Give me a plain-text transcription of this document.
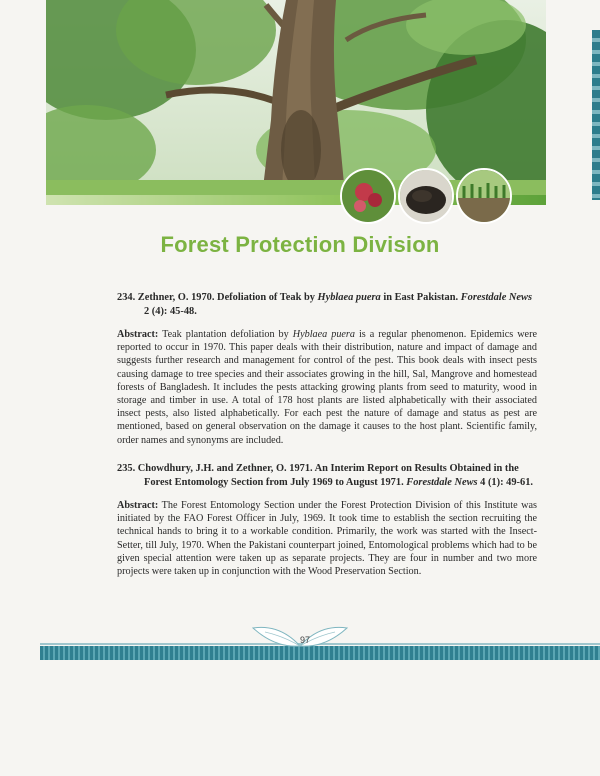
Forest Protection Division

234. Zethner, O. 1970. Defoliation of Teak by Hyblaea puera in East Pakistan. Forestdale News 2 (4): 45-48.

Abstract: Teak plantation defoliation by Hyblaea puera is a regular phenomenon. Epidemics were reported to occur in 1970. This paper deals with their distribution, nature and impact of damage and suggests further research and management for control of the pest. This book deals with insect pests causing damage to tree species and their associates growing in the hill, Sal, Mangrove and homestead forests of Bangladesh. It includes the pests attacking growing plants from seed to maturity, wood in storage and timber in use. A total of 178 host plants are listed alphabetically with their associated insect pests, also listed alphabetically. For each pest the nature of damage and status as pest are mentioned, based on general observation on the damage it causes to the host plant. Scientific family, order names and synonyms are included.

235. Chowdhury, J.H. and Zethner, O. 1971. An Interim Report on Results Obtained in the Forest Entomology Section from July 1969 to August 1971. Forestdale News 4 (1): 49-61.

Abstract: The Forest Entomology Section under the Forest Protection Division of this Institute was initiated by the FAO Forest Officer in July, 1969. It took time to establish the section recruiting the technical hands to bring it to a workable condition. Primarily, the work was started with the Insect-Setter, till July, 1970. When the Pakistani counterpart joined, Entomological problems which had to be given special attention were taken up as separate projects. They are four in number and two more projects were taken up in conjunction with the Wood Preservation Section.

97
